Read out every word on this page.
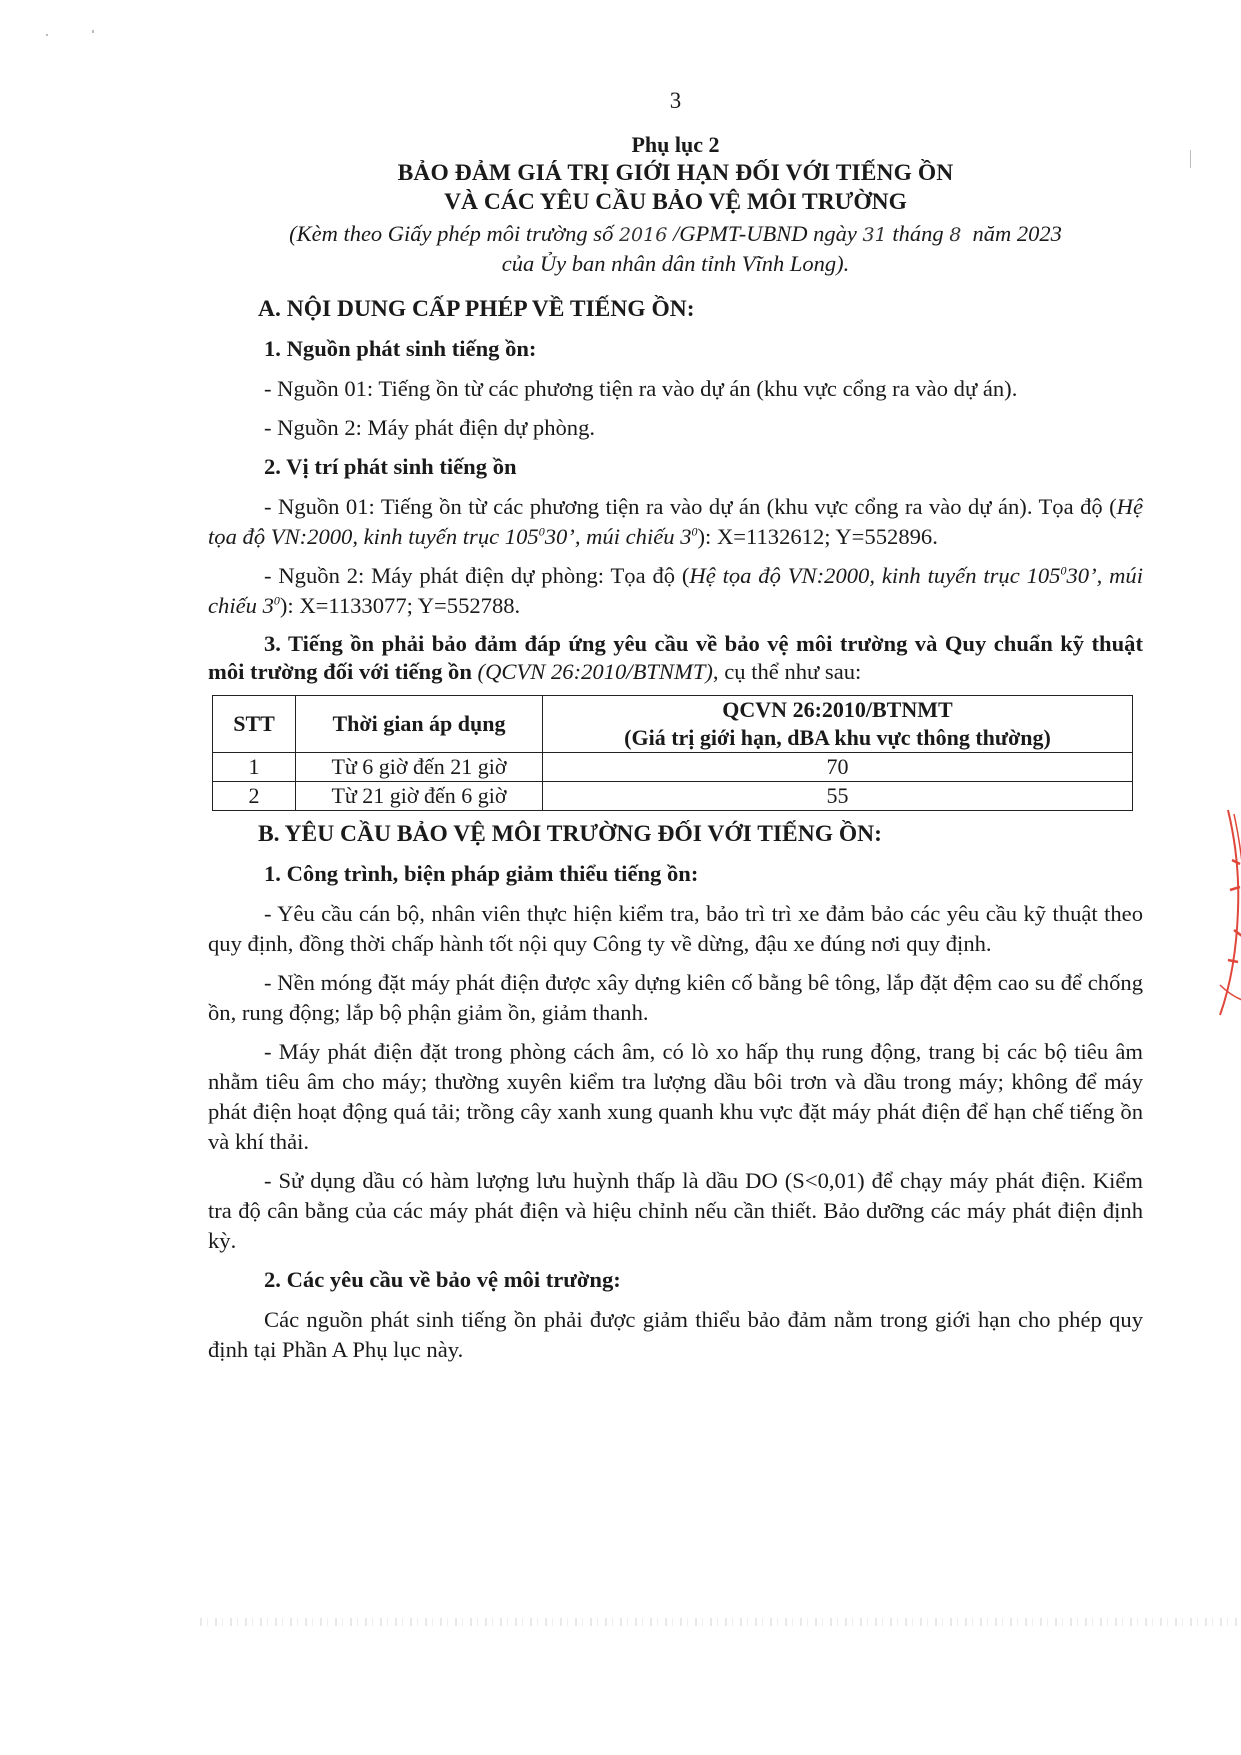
3
Phụ lục 2
BẢO ĐẢM GIÁ TRỊ GIỚI HẠN ĐỐI VỚI TIẾNG ỒN
VÀ CÁC YÊU CẦU BẢO VỆ MÔI TRƯỜNG
(Kèm theo Giấy phép môi trường số 2016 /GPMT-UBND ngày 31 tháng 8  năm 2023
của Ủy ban nhân dân tỉnh Vĩnh Long).

A. NỘI DUNG CẤP PHÉP VỀ TIẾNG ỒN:

1. Nguồn phát sinh tiếng ồn:

- Nguồn 01: Tiếng ồn từ các phương tiện ra vào dự án (khu vực cổng ra vào dự án).

- Nguồn 2: Máy phát điện dự phòng.

2. Vị trí phát sinh tiếng ồn

- Nguồn 01: Tiếng ồn từ các phương tiện ra vào dự án (khu vực cổng ra vào dự án). Tọa độ (Hệ tọa độ VN:2000, kinh tuyến trục $105^030$’, múi chiếu $3^0$): X=1132612; Y=552896.

- Nguồn 2: Máy phát điện dự phòng: Tọa độ (Hệ tọa độ VN:2000, kinh tuyến trục $105^030$’, múi chiếu $3^0$): X=1133077; Y=552788.

3. Tiếng ồn phải bảo đảm đáp ứng yêu cầu về bảo vệ môi trường và Quy chuẩn kỹ thuật môi trường đối với tiếng ồn (QCVN 26:2010/BTNMT), cụ thể như sau:

STT	Thời gian áp dụng	QCVN 26:2010/BTNMT
(Giá trị giới hạn, dBA khu vực thông thường)

1	Từ 6 giờ đến 21 giờ	70
2	Từ 21 giờ đến 6 giờ	55

B. YÊU CẦU BẢO VỆ MÔI TRƯỜNG ĐỐI VỚI TIẾNG ỒN:

1. Công trình, biện pháp giảm thiểu tiếng ồn:

- Yêu cầu cán bộ, nhân viên thực hiện kiểm tra, bảo trì trì xe đảm bảo các yêu cầu kỹ thuật theo quy định, đồng thời chấp hành tốt nội quy Công ty về dừng, đậu xe đúng nơi quy định.

- Nền móng đặt máy phát điện được xây dựng kiên cố bằng bê tông, lắp đặt đệm cao su để chống ồn, rung động; lắp bộ phận giảm ồn, giảm thanh.

- Máy phát điện đặt trong phòng cách âm, có lò xo hấp thụ rung động, trang bị các bộ tiêu âm nhằm tiêu âm cho máy; thường xuyên kiểm tra lượng dầu bôi trơn và dầu trong máy; không để máy phát điện hoạt động quá tải; trồng cây xanh xung quanh khu vực đặt máy phát điện để hạn chế tiếng ồn và khí thải.

- Sử dụng dầu có hàm lượng lưu huỳnh thấp là dầu DO (S<0,01) để chạy máy phát điện. Kiểm tra độ cân bằng của các máy phát điện và hiệu chỉnh nếu cần thiết. Bảo dưỡng các máy phát điện định kỳ.

2. Các yêu cầu về bảo vệ môi trường:

Các nguồn phát sinh tiếng ồn phải được giảm thiểu bảo đảm nằm trong giới hạn cho phép quy định tại Phần A Phụ lục này.
